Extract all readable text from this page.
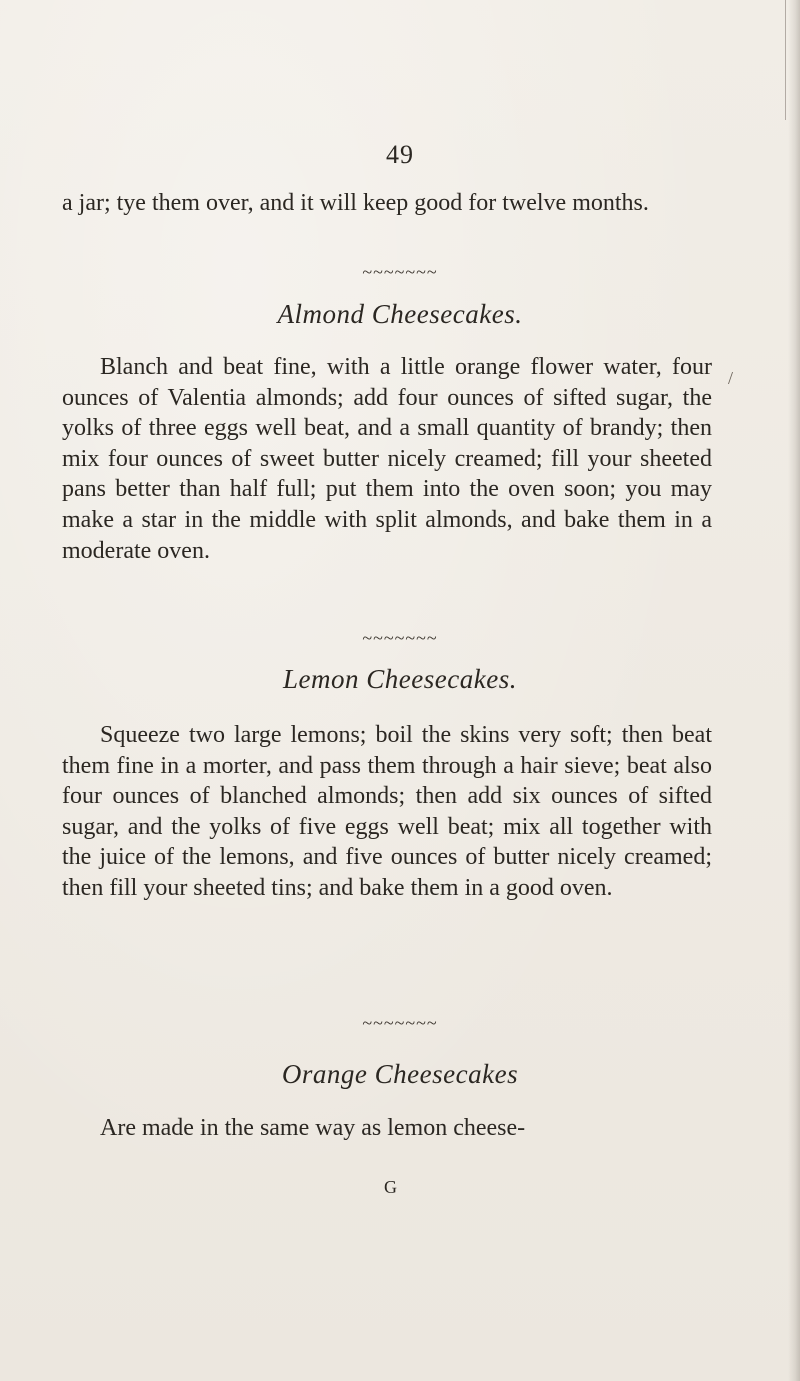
49

a jar; tye them over, and it will keep good for twelve months.

~~~~~~~
Almond Cheesecakes.

Blanch and beat fine, with a little orange flower water, four ounces of Valentia almonds; add four ounces of sifted sugar, the yolks of three eggs well beat, and a small quantity of brandy; then mix four ounces of sweet butter nicely creamed; fill your sheeted pans better than half full; put them into the oven soon; you may make a star in the middle with split almonds, and bake them in a moderate oven.

/
~~~~~~~
Lemon Cheesecakes.

Squeeze two large lemons; boil the skins very soft; then beat them fine in a morter, and pass them through a hair sieve; beat also four ounces of blanched almonds; then add six ounces of sifted sugar, and the yolks of five eggs well beat; mix all together with the juice of the lemons, and five ounces of butter nicely creamed; then fill your sheeted tins; and bake them in a good oven.

~~~~~~~
Orange Cheesecakes

Are made in the same way as lemon cheese-

G
